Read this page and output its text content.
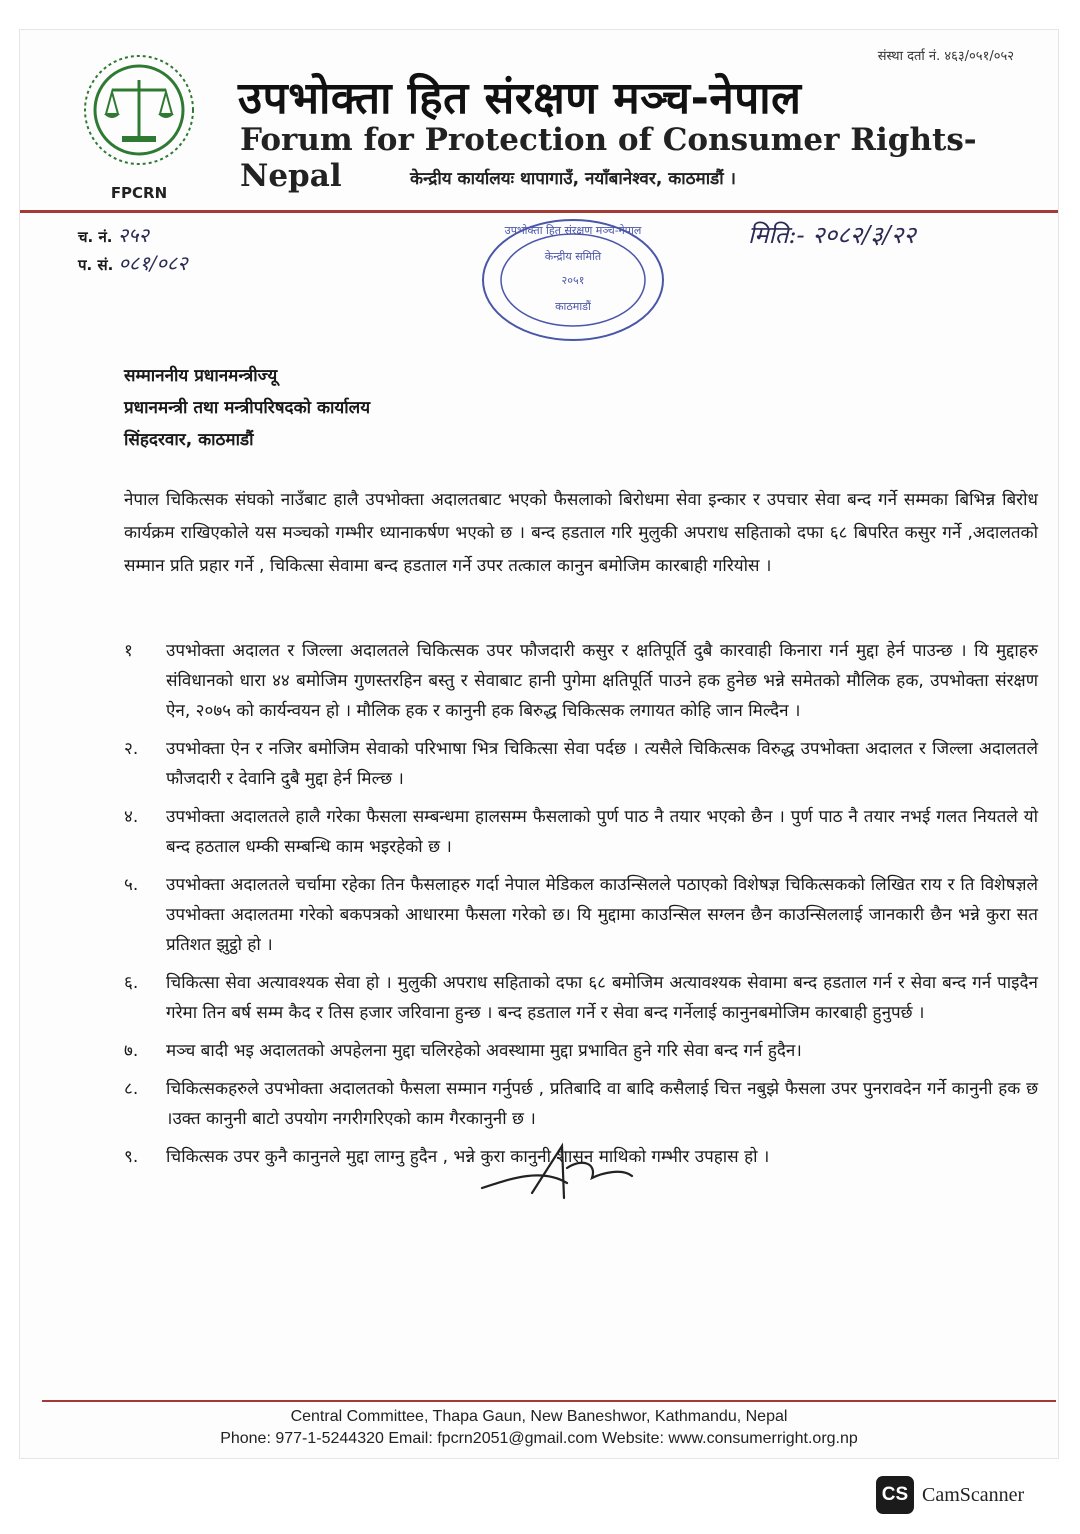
FPCRN
संस्था दर्ता नं. ४६३/०५१/०५२
उपभोक्ता हित संरक्षण मञ्च-नेपाल
Forum for Protection of Consumer Rights-Nepal	केन्द्रीय कार्यालयः थापागाउँ, नयाँबानेश्वर, काठमाडौं ।
च. नं. २५२
प. सं. ०८१/०८२
उपभोक्ता हित संरक्षण मञ्च-नेपाल
केन्द्रीय समिति
२०५१
काठमाडौं
मिति:- २०८२/३/२२
सम्माननीय प्रधानमन्त्रीज्यू
प्रधानमन्त्री तथा मन्त्रीपरिषदको कार्यालय
सिंहदरवार, काठमाडौं
नेपाल चिकित्सक संघको नाउँबाट हालै उपभोक्ता अदालतबाट भएको फैसलाको बिरोधमा सेवा इन्कार र उपचार सेवा बन्द गर्ने सम्मका बिभिन्न बिरोध कार्यक्रम राखिएकोले यस मञ्चको गम्भीर ध्यानाकर्षण भएको छ । बन्द हडताल गरि मुलुकी अपराध सहिताको दफा ६८ बिपरित कसुर गर्ने ,अदालतको सम्मान प्रति प्रहार गर्ने , चिकित्सा सेवामा बन्द हडताल गर्ने उपर तत्काल कानुन बमोजिम कारबाही गरियोस ।
१	उपभोक्ता अदालत र जिल्ला अदालतले चिकित्सक उपर फौजदारी कसुर र क्षतिपूर्ति दुबै कारवाही किनारा गर्न मुद्दा हेर्न पाउन्छ । यि मुद्दाहरु संविधानको धारा ४४ बमोजिम गुणस्तरहिन बस्तु र सेवाबाट हानी पुगेमा क्षतिपूर्ति पाउने हक हुनेछ भन्ने समेतको मौलिक हक, उपभोक्ता संरक्षण ऐन, २०७५ को कार्यन्वयन हो । मौलिक हक र कानुनी हक बिरुद्ध चिकित्सक लगायत कोहि जान मिल्दैन ।
२.	उपभोक्ता ऐन र नजिर बमोजिम सेवाको परिभाषा भित्र चिकित्सा सेवा पर्दछ । त्यसैले चिकित्सक विरुद्ध उपभोक्ता अदालत र जिल्ला अदालतले फौजदारी र देवानि दुबै मुद्दा हेर्न मिल्छ ।
४.	उपभोक्ता अदालतले हालै गरेका फैसला सम्बन्धमा हालसम्म फैसलाको पुर्ण पाठ नै तयार भएको छैन । पुर्ण पाठ नै तयार नभई गलत नियतले यो बन्द हठताल धम्की सम्बन्धि काम भइरहेको छ ।
५.	उपभोक्ता अदालतले चर्चामा रहेका तिन फैसलाहरु गर्दा नेपाल मेडिकल काउन्सिलले पठाएको विशेषज्ञ चिकित्सकको लिखित राय र ति विशेषज्ञले उपभोक्ता अदालतमा गरेको बकपत्रको आधारमा फैसला गरेको छ। यि मुद्दामा काउन्सिल सग्लन छैन काउन्सिललाई जानकारी छैन भन्ने कुरा सत प्रतिशत झुट्ठो हो ।
६.	चिकित्सा सेवा अत्यावश्यक सेवा हो । मुलुकी अपराध सहिताको दफा ६८ बमोजिम अत्यावश्यक सेवामा बन्द हडताल गर्न र सेवा बन्द गर्न पाइदैन गरेमा तिन बर्ष सम्म कैद र तिस हजार जरिवाना हुन्छ । बन्द हडताल गर्ने र सेवा बन्द गर्नेलाई कानुनबमोजिम कारबाही हुनुपर्छ ।
७.	मञ्च बादी भइ अदालतको अपहेलना मुद्दा चलिरहेको अवस्थामा मुद्दा प्रभावित हुने गरि सेवा बन्द गर्न हुदैन।
८.	चिकित्सकहरुले उपभोक्ता अदालतको फैसला सम्मान गर्नुपर्छ , प्रतिबादि वा बादि कसैलाई चित्त नबुझे फैसला उपर पुनरावदेन गर्ने कानुनी हक छ ।उक्त कानुनी बाटो उपयोग नगरीगरिएको काम गैरकानुनी छ ।
९.	चिकित्सक उपर कुनै कानुनले मुद्दा लाग्नु हुदैन , भन्ने कुरा कानुनी शासन माथिको गम्भीर उपहास हो ।
Central Committee, Thapa Gaun, New Baneshwor, Kathmandu, Nepal
Phone: 977-1-5244320 Email: fpcrn2051@gmail.com Website: www.consumerright.org.np
CS CamScanner
